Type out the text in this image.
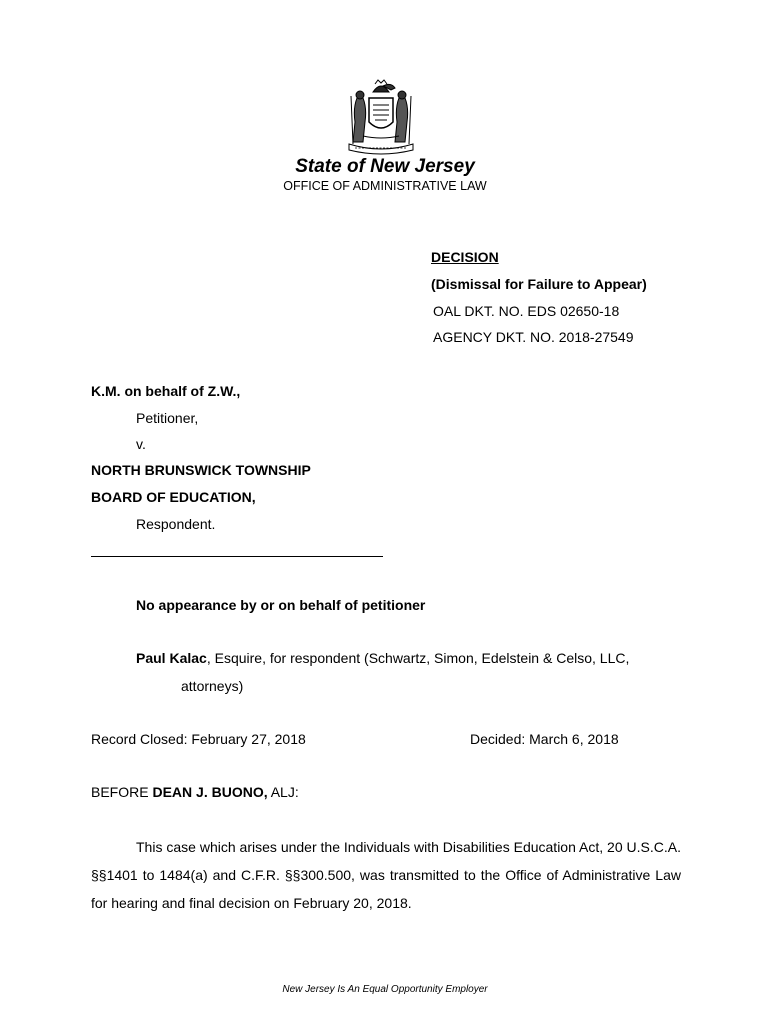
State of New Jersey
OFFICE OF ADMINISTRATIVE LAW
DECISION
(Dismissal for Failure to Appear)
OAL DKT. NO. EDS 02650-18
AGENCY DKT. NO. 2018-27549
K.M. on behalf of Z.W.,
Petitioner,
v.
NORTH BRUNSWICK TOWNSHIP
BOARD OF EDUCATION,
Respondent.
No appearance by or on behalf of petitioner
Paul Kalac, Esquire, for respondent (Schwartz, Simon, Edelstein & Celso, LLC,
attorneys)
Record Closed: February 27, 2018	Decided: March 6, 2018
BEFORE DEAN J. BUONO, ALJ:
This case which arises under the Individuals with Disabilities Education Act, 20 U.S.C.A. §§1401 to 1484(a) and C.F.R. §§300.500, was transmitted to the Office of Administrative Law for hearing and final decision on February 20, 2018.
New Jersey Is An Equal Opportunity Employer
